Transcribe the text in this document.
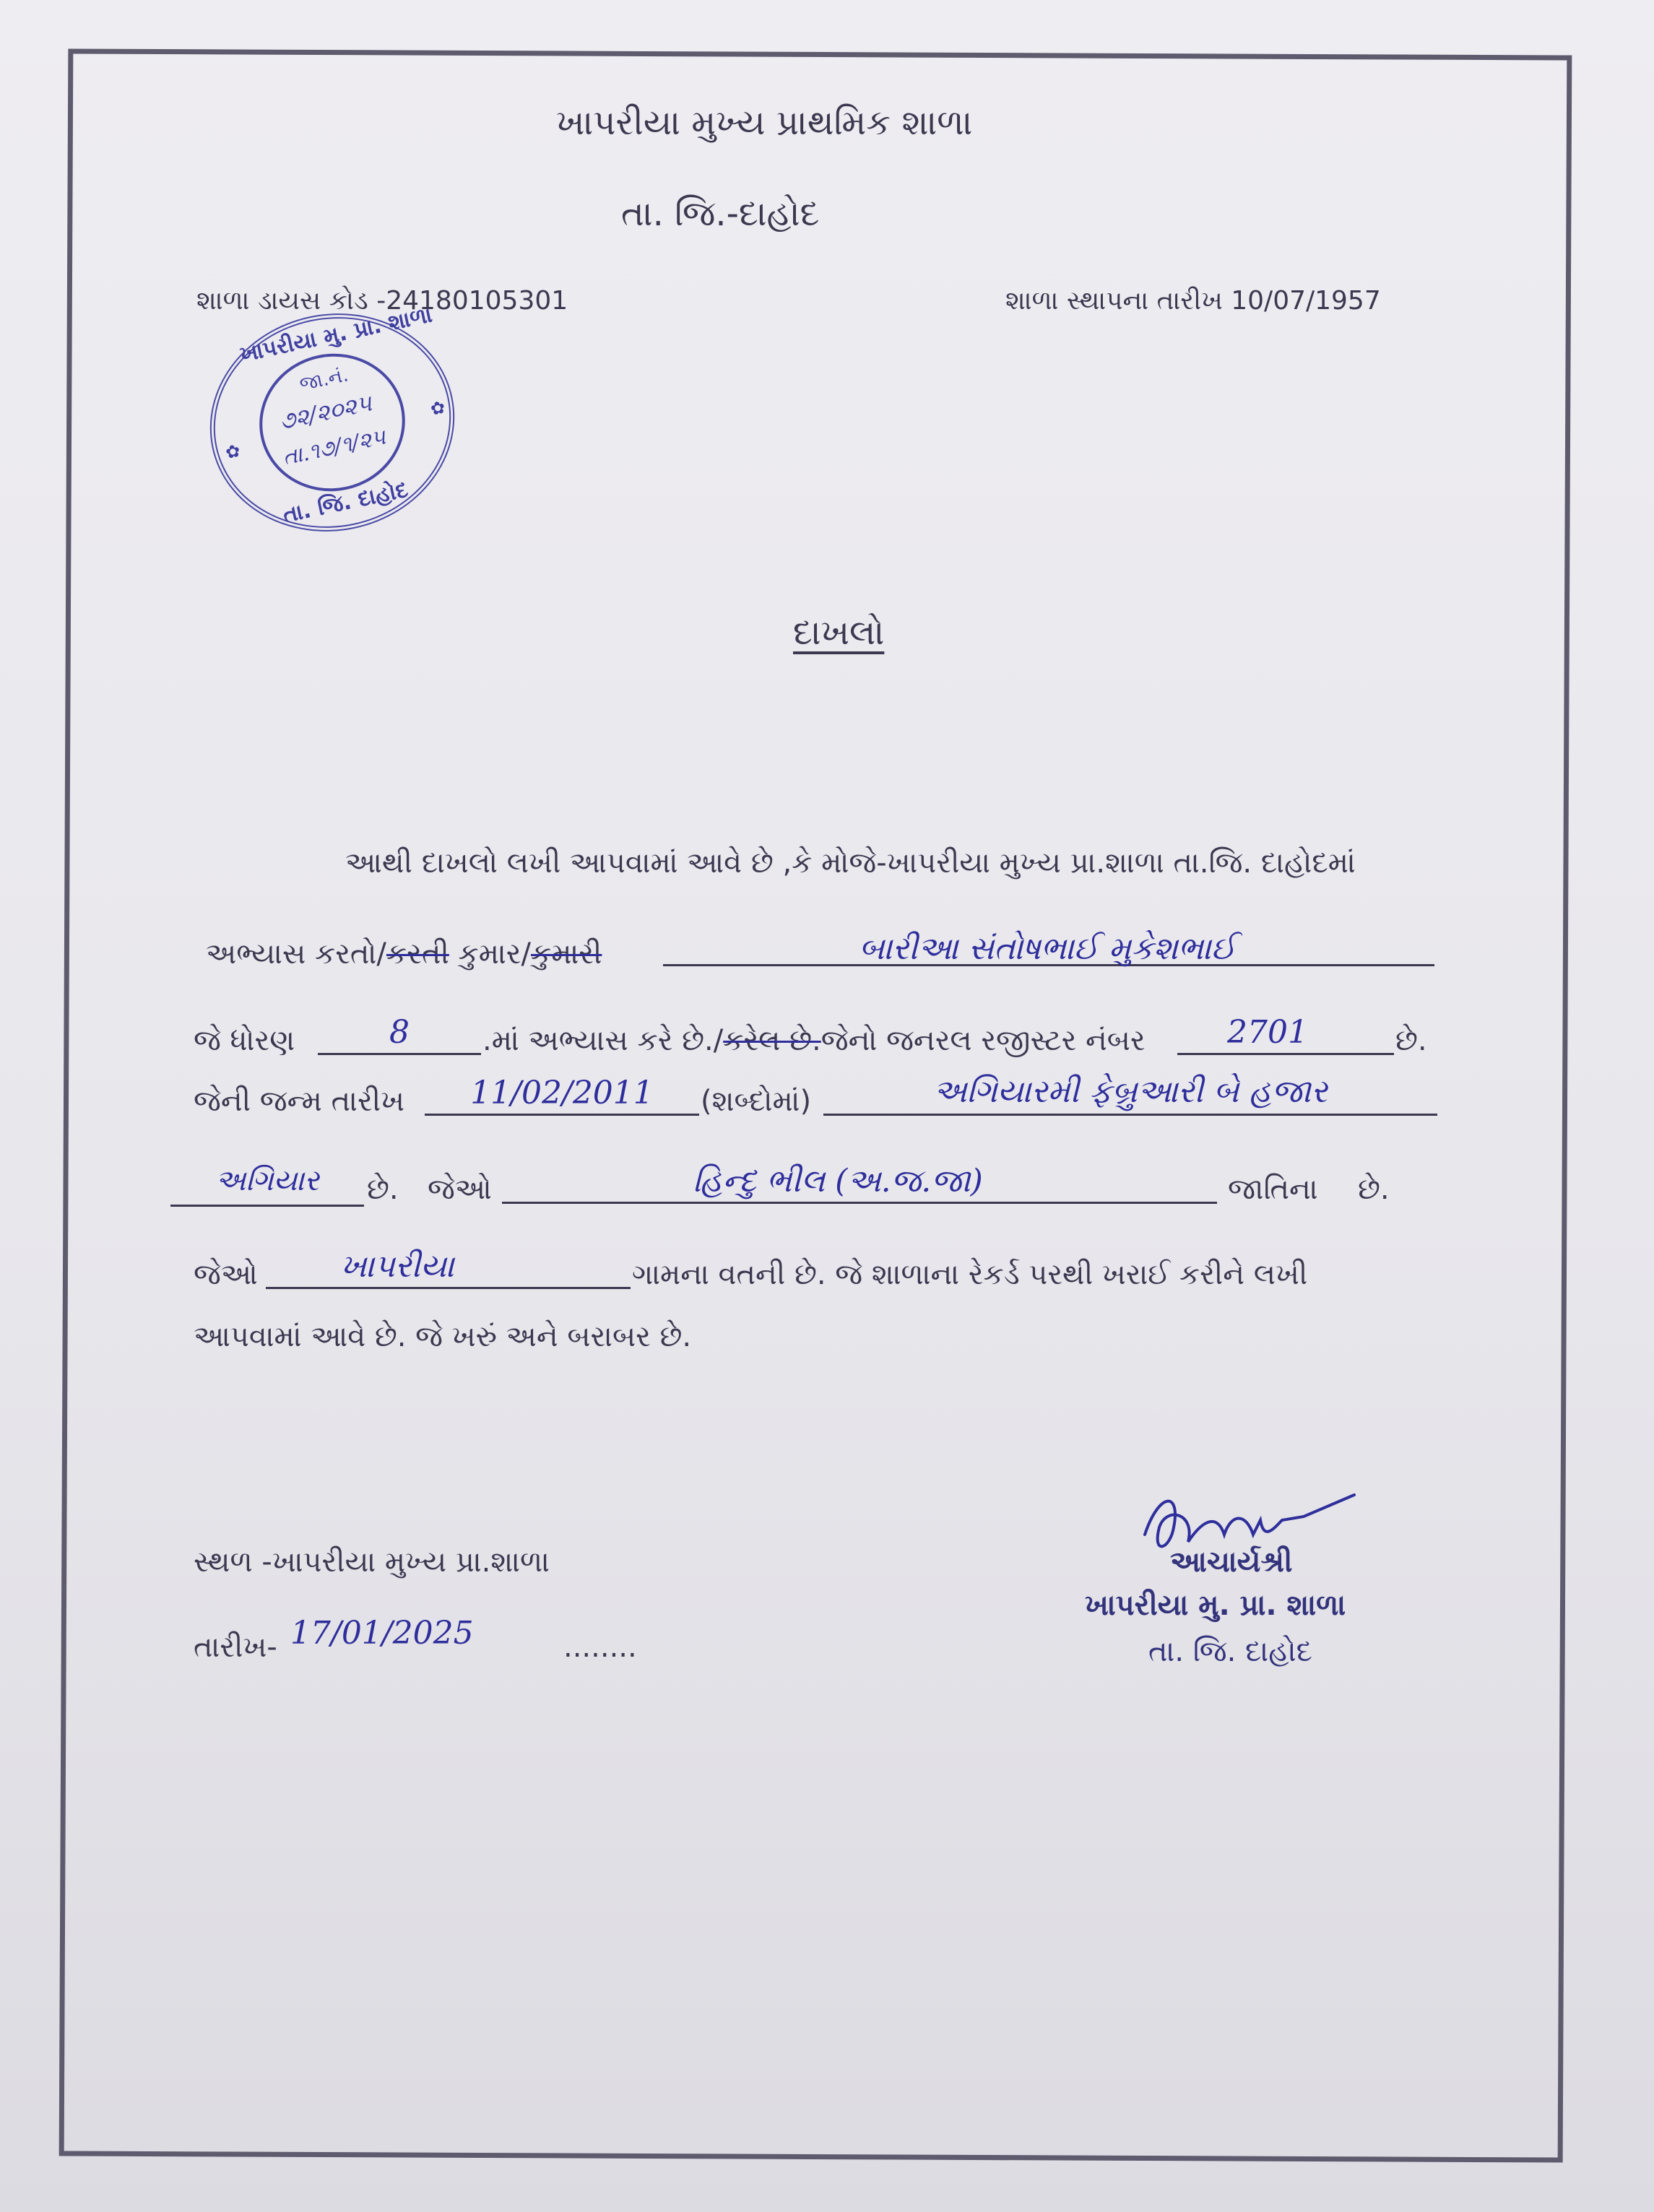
ખાપરીયા મુખ્ય પ્રાથમિક શાળા
તા. જિ.-દાહોદ
શાળા ડાયસ કોડ -24180105301	શાળા સ્થાપના તારીખ 10/07/1957
ખાપરીયા મુ. પ્રા. શાળા
જા.નં.
૭૨/૨૦૨૫
તા.૧૭/૧/૨૫
તા. જિ. દાહોદ
✿
✿
દાખલો
આથી દાખલો લખી આપવામાં આવે છે ,કે મોજે-ખાપરીયા મુખ્ય પ્રા.શાળા તા.જિ. દાહોદમાં
અભ્યાસ કરતો/કરતી કુમાર/કુમારી	બારીઆ સંતોષભાઈ મુકેશભાઈ
જે ધોરણ	8	.માં અભ્યાસ કરે છે./કરેલ છે.જેનો જનરલ રજીસ્ટર નંબર	2701	છે.
જેની જન્મ તારીખ	11/02/2011	(શબ્દોમાં)	અગિયારમી ફેબ્રુઆરી બે હજાર
અગિયાર	છે. જેઓ	હિન્દુ ભીલ (અ.જ.જા)	જાતિના છે.
જેઓ	ખાપરીયા	ગામના વતની છે. જે શાળાના રેકર્ડ પરથી ખરાઈ કરીને લખી
આપવામાં આવે છે. જે ખરું અને બરાબર છે.
સ્થળ -ખાપરીયા મુખ્ય પ્રા.શાળા
તારીખ- 17/01/2025	........
આચાર્યશ્રી
ખાપરીયા મુ. પ્રા. શાળા
તા. જિ. દાહોદ
